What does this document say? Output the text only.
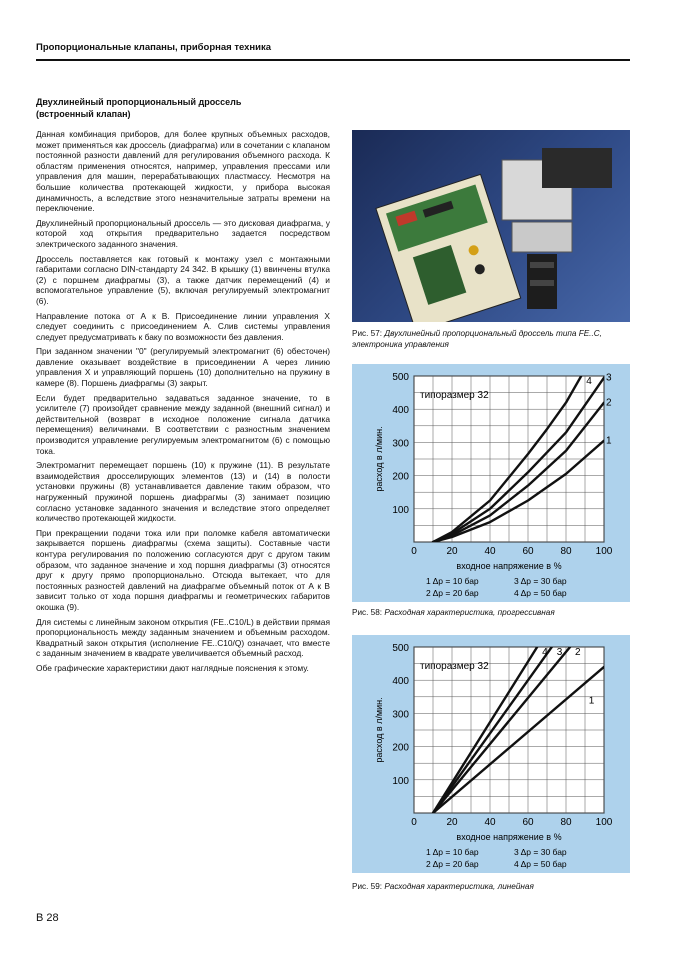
Пропорциональные клапаны, приборная техника
Двухлинейный пропорциональный дроссель
(встроенный клапан)

Данная комбинация приборов, для более крупных объемных расходов, может применяться как дроссель (диафрагма) или в сочетании с клапаном постоянной разности давлений для регулирования объемного расхода. К областям применения относятся, например, управления прессами или управления для машин, перерабатывающих пластмассу. Несмотря на большие количества протекающей жидкости, у прибора высокая динамичность, а вследствие этого незначительные затраты времени на переключение.

Двухлинейный пропорциональный дроссель — это дисковая диафрагма, у которой ход открытия предварительно задается посредством электрического заданного значения.

Дроссель поставляется как готовый к монтажу узел с монтажными габаритами согласно DIN-стандарту 24 342. В крышку (1) ввинчены втулка (2) с поршнем диафрагмы (3), а также датчик перемещений (4) и вспомогательное управление (5), включая регулируемый электромагнит (6).

Направление потока от А к В. Присоединение линии управления Х следует соединить с присоединением А. Слив системы управления следует предусматривать к баку по возможности без давления.

При заданном значении "0" (регулируемый электромагнит (6) обесточен) давление оказывает воздействие в присоединении А через линию управления Х и управляющий поршень (10) дополнительно на пружину в камере (8). Поршень диафрагмы (3) закрыт.

Если будет предварительно задаваться заданное значение, то в усилителе (7) произойдет сравнение между заданной (внешний сигнал) и действительной (возврат в исходное положение сигнала датчика перемещения) величинами. В соответствии с разностным значением производится управление регулируемым электромагнитом (6) с помощью тока.

Электромагнит перемещает поршень (10) к пружине (11). В результате взаимодействия дросселирующих элементов (13) и (14) в полости установки пружины (8) устанавливается давление таким образом, что нагруженный пружиной поршень диафрагмы (3) занимает позицию согласно установке заданного значения и вследствие этого определяет количество протекающей жидкости.

При прекращении подачи тока или при поломке кабеля автоматически закрывается поршень диафрагмы (схема защиты). Составные части контура регулирования по положению согласуются друг с другом таким образом, что заданное значение и ход поршня диафрагмы (3) относятся друг к другу прямо пропорционально. Отсюда вытекает, что для постоянных разностей давлений на диафрагме объемный поток от А к В зависит только от хода поршня диафрагмы и геометрических габаритов окошка (9).

Для системы с линейным законом открытия (FE..C10/L) в действии прямая пропорциональность между заданным значением и объемным расходом. Квадратный закон открытия (исполнение FE..C10/Q) означает, что вместе с заданным значением в квадрате увеличивается объемный расход.

Обе графические характеристики дают наглядные пояснения к этому.

B 28
Рис. 57: Двухлинейный пропорциональный дроссель типа FE..C, электроника управления
0	20	40	60	80 100
100
200
300
400
500
входное напряжение в %
расход в л/мин.
типоразмер 32
1
2
3
4
1 Δp = 10 бар
2 Δp = 20 бар
3 Δp = 30 бар
4 Δp = 50 бар
Рис. 58: Расходная характеристика, прогрессивная
0	20	40	60	80 100
100
200
300
400
500
входное напряжение в %
расход в л/мин.
типоразмер 32
1
2
3
4
1 Δp = 10 бар
2 Δp = 20 бар
3 Δp = 30 бар
4 Δp = 50 бар
Рис. 59: Расходная характеристика, линейная
